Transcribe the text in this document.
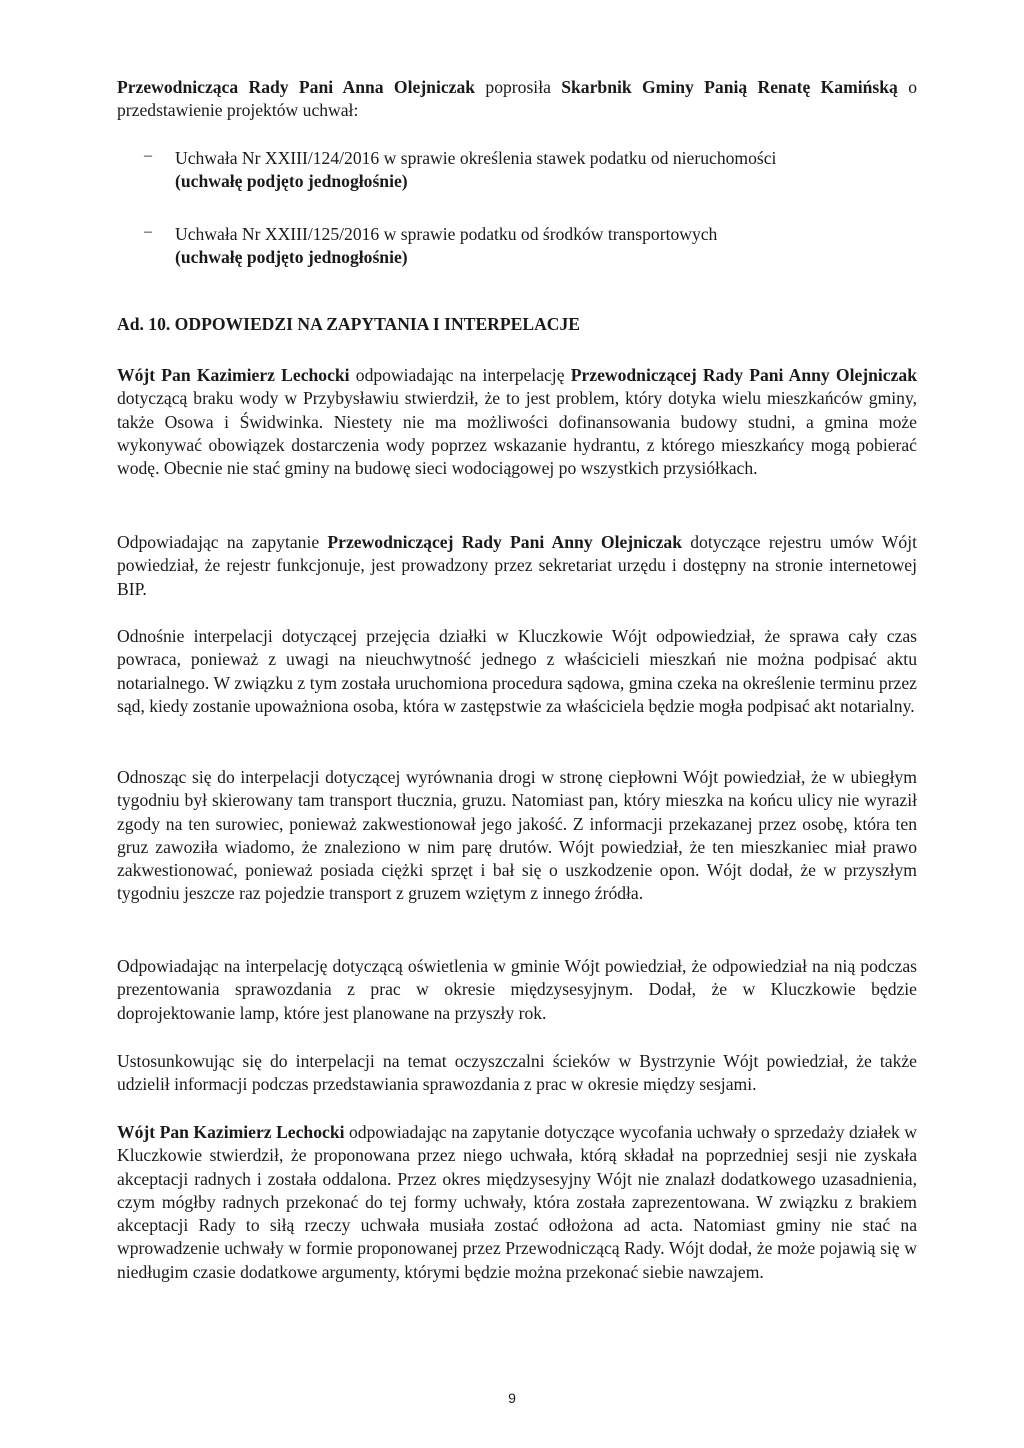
Przewodnicząca Rady Pani Anna Olejniczak poprosiła Skarbnik Gminy Panią Renatę Kamińską o przedstawienie projektów uchwał:

– Uchwała Nr XXIII/124/2016 w sprawie określenia stawek podatku od nieruchomości
(uchwałę podjęto jednogłośnie)

– Uchwała Nr XXIII/125/2016 w sprawie podatku od środków transportowych
(uchwałę podjęto jednogłośnie)

Ad. 10. ODPOWIEDZI NA ZAPYTANIA I INTERPELACJE

Wójt Pan Kazimierz Lechocki odpowiadając na interpelację Przewodniczącej Rady Pani Anny Olejniczak dotyczącą braku wody w Przybysławiu stwierdził, że to jest problem, który dotyka wielu mieszkańców gminy, także Osowa i Świdwinka. Niestety nie ma możliwości dofinansowania budowy studni, a gmina może wykonywać obowiązek dostarczenia wody poprzez wskazanie hydrantu, z którego mieszkańcy mogą pobierać wodę. Obecnie nie stać gminy na budowę sieci wodociągowej po wszystkich przysiółkach.

Odpowiadając na zapytanie Przewodniczącej Rady Pani Anny Olejniczak dotyczące rejestru umów Wójt powiedział, że rejestr funkcjonuje, jest prowadzony przez sekretariat urzędu i dostępny na stronie internetowej BIP.

Odnośnie interpelacji dotyczącej przejęcia działki w Kluczkowie Wójt odpowiedział, że sprawa cały czas powraca, ponieważ z uwagi na nieuchwytność jednego z właścicieli mieszkań nie można podpisać aktu notarialnego. W związku z tym została uruchomiona procedura sądowa, gmina czeka na określenie terminu przez sąd, kiedy zostanie upoważniona osoba, która w zastępstwie za właściciela będzie mogła podpisać akt notarialny.

Odnosząc się do interpelacji dotyczącej wyrównania drogi w stronę ciepłowni Wójt powiedział, że w ubiegłym tygodniu był skierowany tam transport tłucznia, gruzu. Natomiast pan, który mieszka na końcu ulicy nie wyraził zgody na ten surowiec, ponieważ zakwestionował jego jakość. Z informacji przekazanej przez osobę, która ten gruz zawoziła wiadomo, że znaleziono w nim parę drutów. Wójt powiedział, że ten mieszkaniec miał prawo zakwestionować, ponieważ posiada ciężki sprzęt i bał się o uszkodzenie opon. Wójt dodał, że w przyszłym tygodniu jeszcze raz pojedzie transport z gruzem wziętym z innego źródła.

Odpowiadając na interpelację dotyczącą oświetlenia w gminie Wójt powiedział, że odpowiedział na nią podczas prezentowania sprawozdania z prac w okresie międzysesyjnym. Dodał, że w Kluczkowie będzie doprojektowanie lamp, które jest planowane na przyszły rok.

Ustosunkowując się do interpelacji na temat oczyszczalni ścieków w Bystrzynie Wójt powiedział, że także udzielił informacji podczas przedstawiania sprawozdania z prac w okresie między sesjami.

Wójt Pan Kazimierz Lechocki odpowiadając na zapytanie dotyczące wycofania uchwały o sprzedaży działek w Kluczkowie stwierdził, że proponowana przez niego uchwała, którą składał na poprzedniej sesji nie zyskała akceptacji radnych i została oddalona. Przez okres międzysesyjny Wójt nie znalazł dodatkowego uzasadnienia, czym mógłby radnych przekonać do tej formy uchwały, która została zaprezentowana. W związku z brakiem akceptacji Rady to siłą rzeczy uchwała musiała zostać odłożona ad acta. Natomiast gminy nie stać na wprowadzenie uchwały w formie proponowanej przez Przewodniczącą Rady. Wójt dodał, że może pojawią się w niedługim czasie dodatkowe argumenty, którymi będzie można przekonać siebie nawzajem.

9
